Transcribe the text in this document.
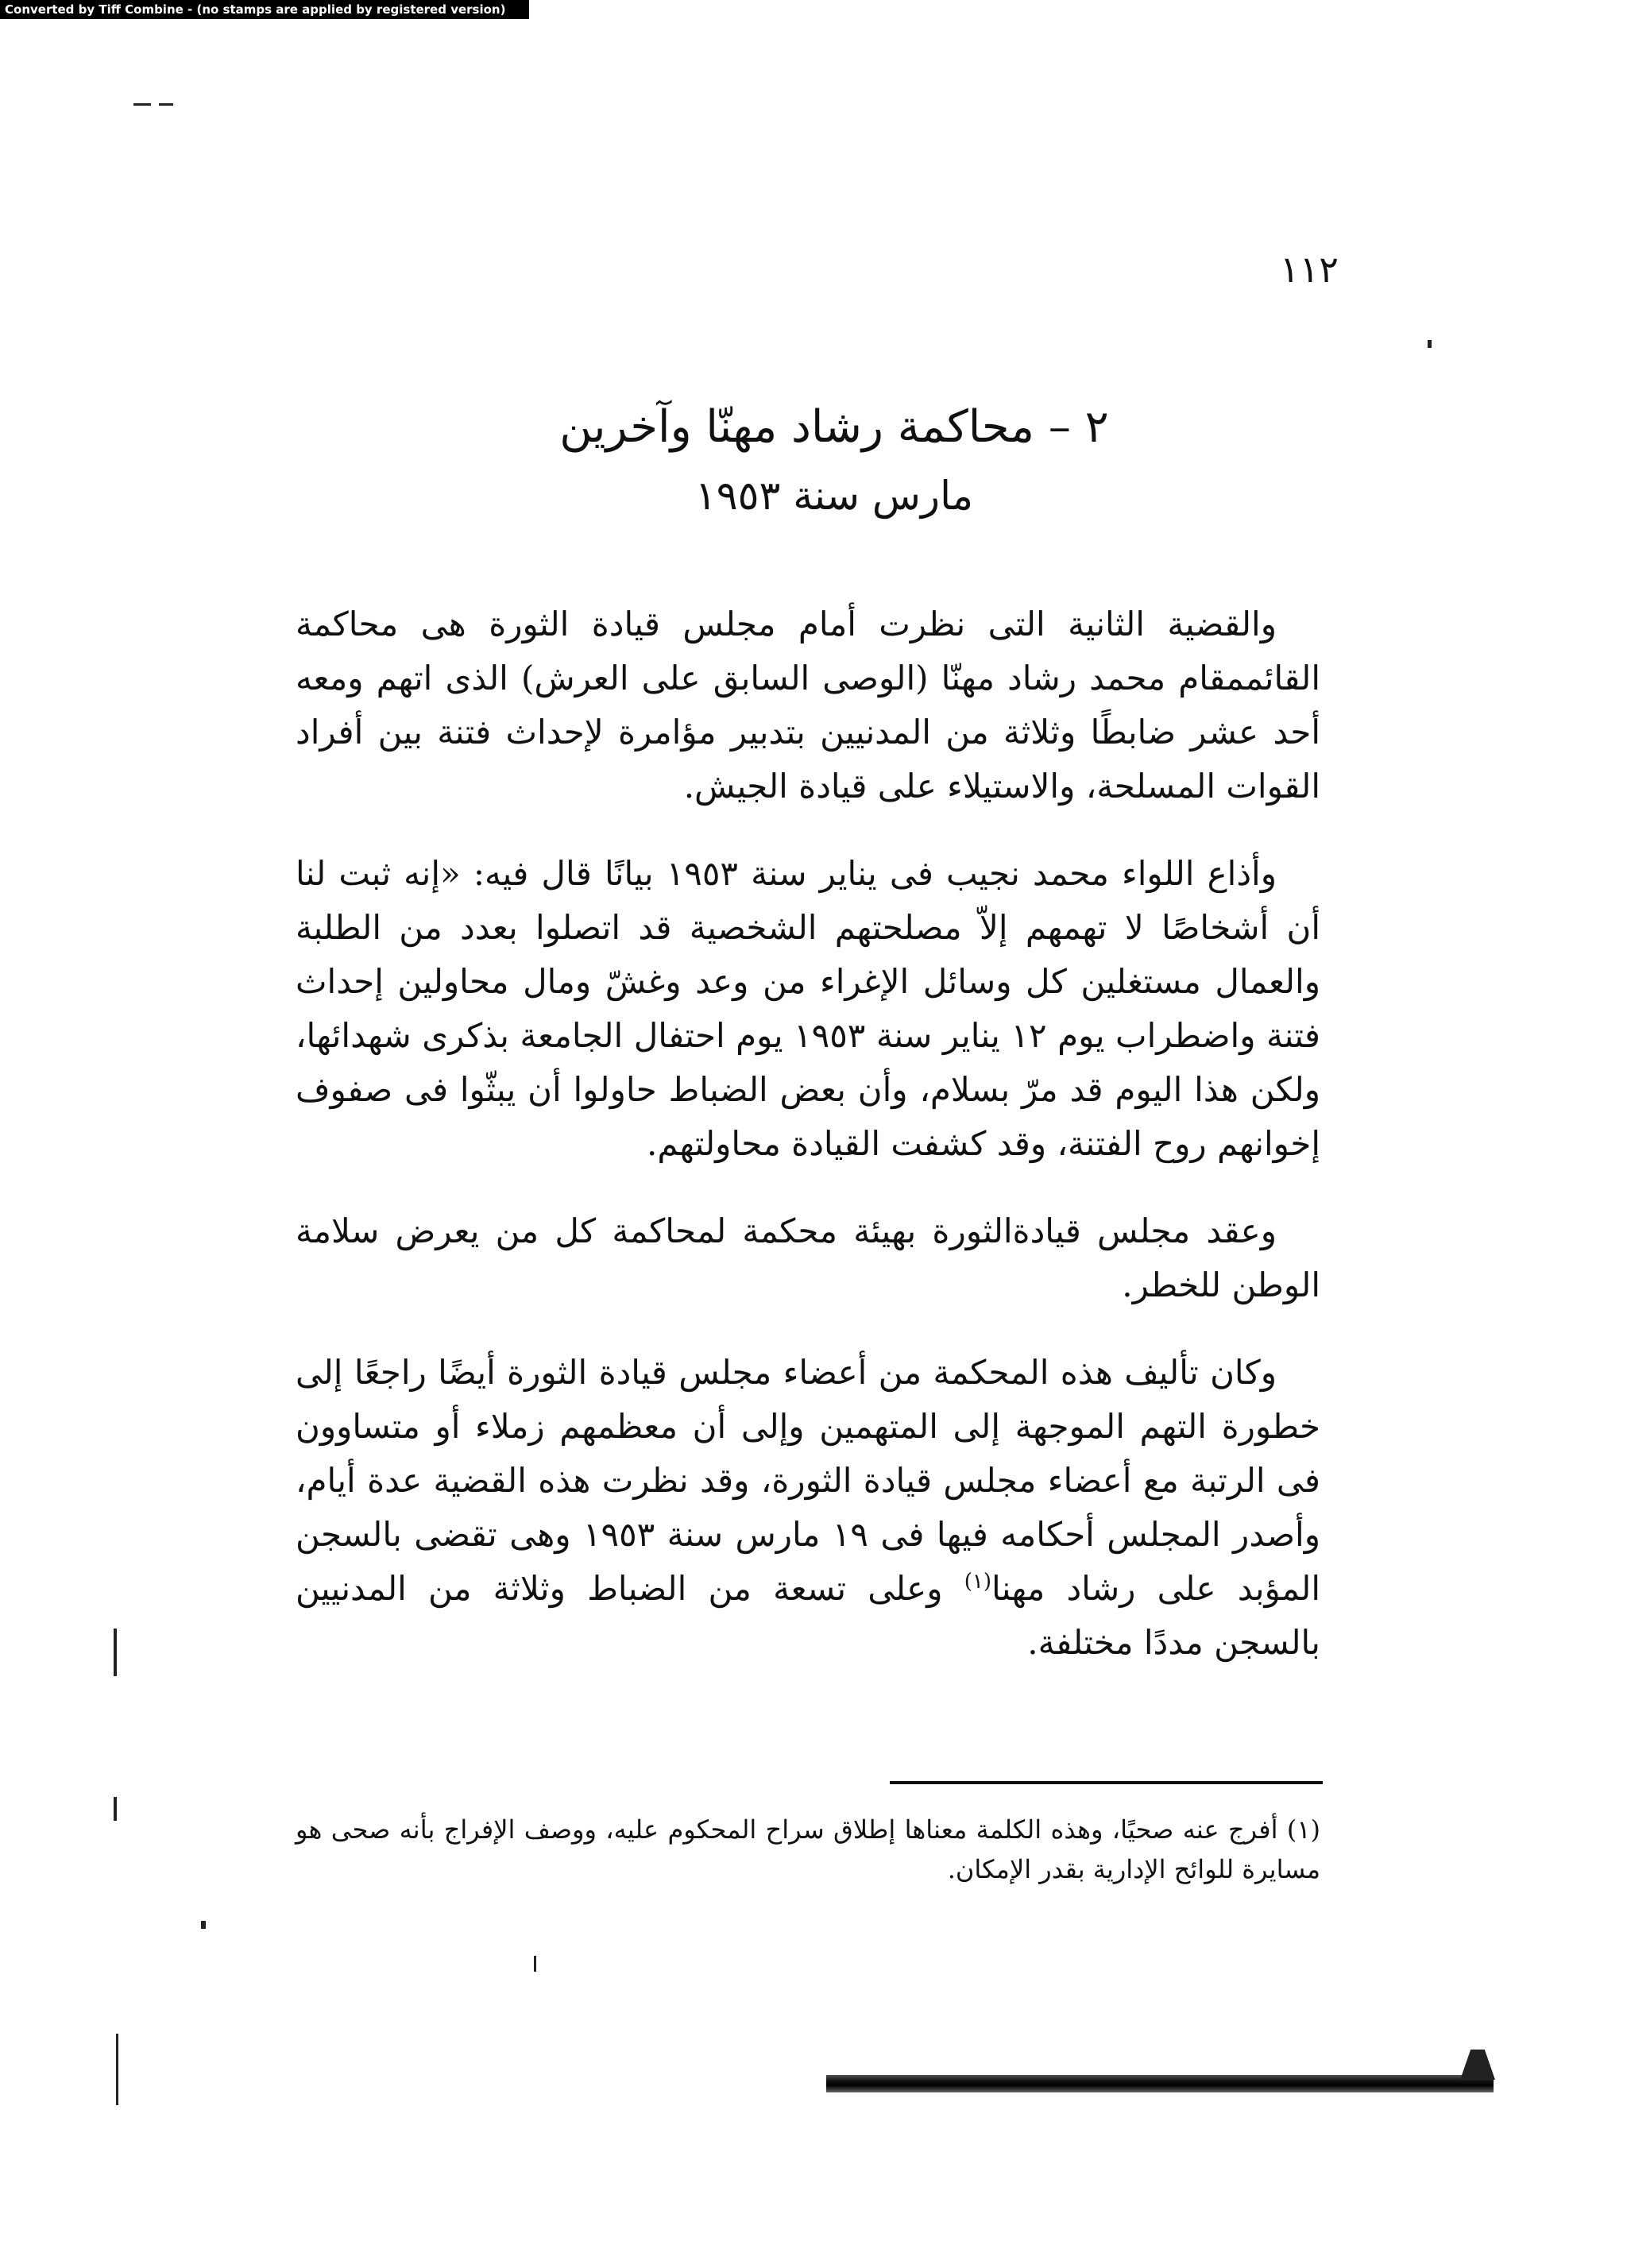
Converted by Tiff Combine - (no stamps are applied by registered version)
١١٢
٢ – محاكمة رشاد مهنّا وآخرين
مارس سنة ١٩٥٣

والقضية الثانية التى نظرت أمام مجلس قيادة الثورة هى محاكمة القائممقام محمد رشاد مهنّا (الوصى السابق على العرش) الذى اتهم ومعه أحد عشر ضابطًا وثلاثة من المدنيين بتدبير مؤامرة لإحداث فتنة بين أفراد القوات المسلحة، والاستيلاء على قيادة الجيش.

وأذاع اللواء محمد نجيب فى يناير سنة ١٩٥٣ بيانًا قال فيه: «إنه ثبت لنا أن أشخاصًا لا تهمهم إلاّ مصلحتهم الشخصية قد اتصلوا بعدد من الطلبة والعمال مستغلين كل وسائل الإغراء من وعد وغشّ ومال محاولين إحداث فتنة واضطراب يوم ١٢ يناير سنة ١٩٥٣ يوم احتفال الجامعة بذكرى شهدائها، ولكن هذا اليوم قد مرّ بسلام، وأن بعض الضباط حاولوا أن يبثّوا فى صفوف إخوانهم روح الفتنة، وقد كشفت القيادة محاولتهم.

وعقد مجلس قيادةالثورة بهيئة محكمة لمحاكمة كل من يعرض سلامة الوطن للخطر.

وكان تأليف هذه المحكمة من أعضاء مجلس قيادة الثورة أيضًا راجعًا إلى خطورة التهم الموجهة إلى المتهمين وإلى أن معظمهم زملاء أو متساوون فى الرتبة مع أعضاء مجلس قيادة الثورة، وقد نظرت هذه القضية عدة أيام، وأصدر المجلس أحكامه فيها فى ١٩ مارس سنة ١٩٥٣ وهى تقضى بالسجن المؤبد على رشاد مهنا$^{(١)}$ وعلى تسعة من الضباط وثلاثة من المدنيين بالسجن مددًا مختلفة.

(١) أفرج عنه صحيًا، وهذه الكلمة معناها إطلاق سراح المحكوم عليه، ووصف الإفراج بأنه صحى هو مسايرة للوائح الإدارية بقدر الإمكان.
